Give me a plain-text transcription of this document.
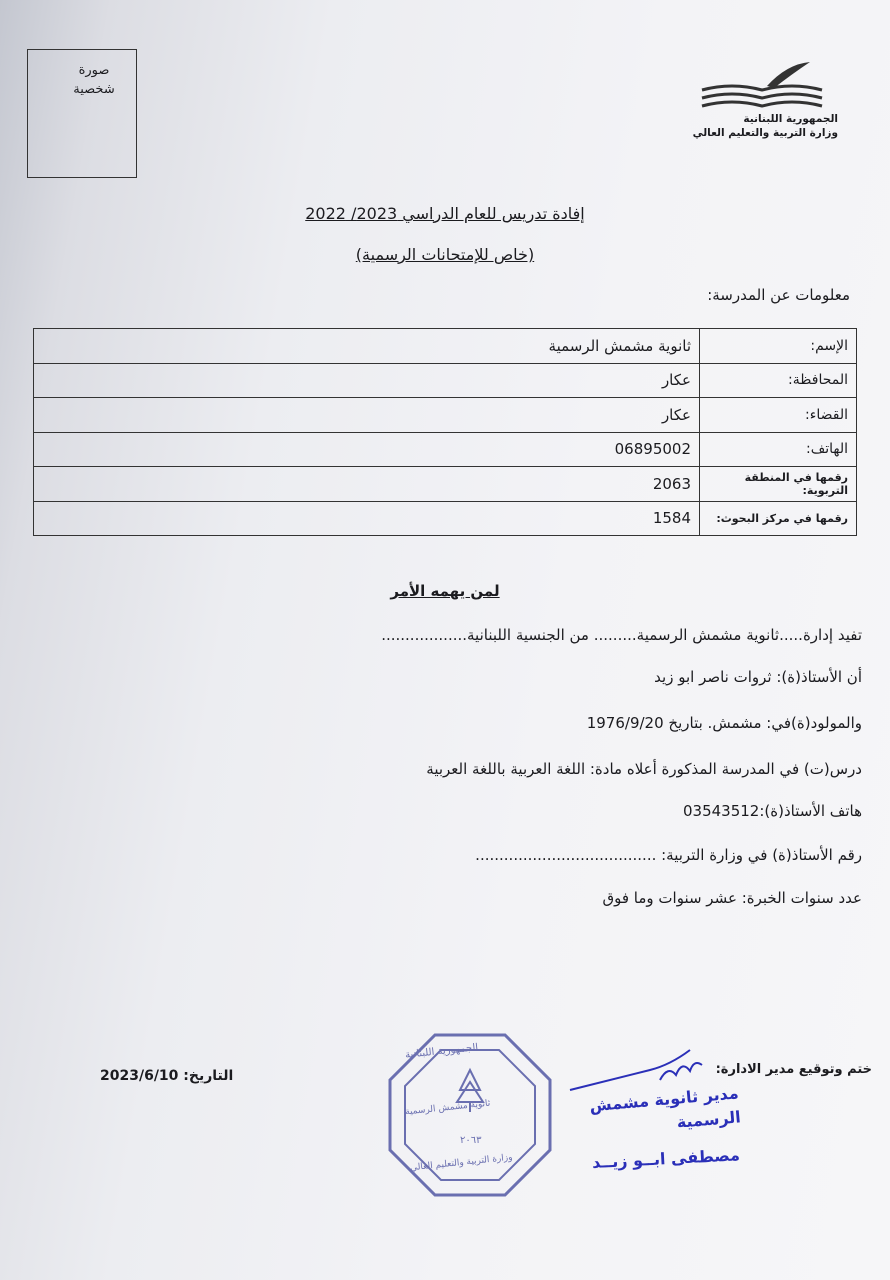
صورة شخصية
الجمهورية اللبنانية
وزارة التربية والتعليم العالي
إفادة تدريس للعام الدراسي 2023/ 2022
(خاص للإمتحانات الرسمية)
معلومات عن المدرسة:
الإسم:	ثانوية مشمش الرسمية
المحافظة:	عكار
القضاء:	عكار
الهاتف:	06895002
رقمها في المنطقة التربوية:	2063
رقمها في مركز البحوث:	1584
لمن يهمه الأمر
تفيد إدارة.....ثانوية مشمش الرسمية......... من الجنسية اللبنانية..................
أن الأستاذ(ة): ثروات ناصر ابو زيد
والمولود(ة)في: مشمش. بتاريخ 1976/9/20
درس(ت) في المدرسة المذكورة أعلاه مادة: اللغة العربية باللغة العربية
هاتف الأستاذ(ة):03543512
رقم الأستاذ(ة) في وزارة التربية: ......................................
عدد سنوات الخبرة: عشر سنوات وما فوق
ختم وتوقيع مدير الادارة:
التاريخ: 2023/6/10
الجمهورية اللبنانية
ثانوية مشمش الرسمية
٢٠٦٣
وزارة التربية والتعليم العالي
مدير ثانوية مشمش الرسمية
مصطفى ابــو زيــد
